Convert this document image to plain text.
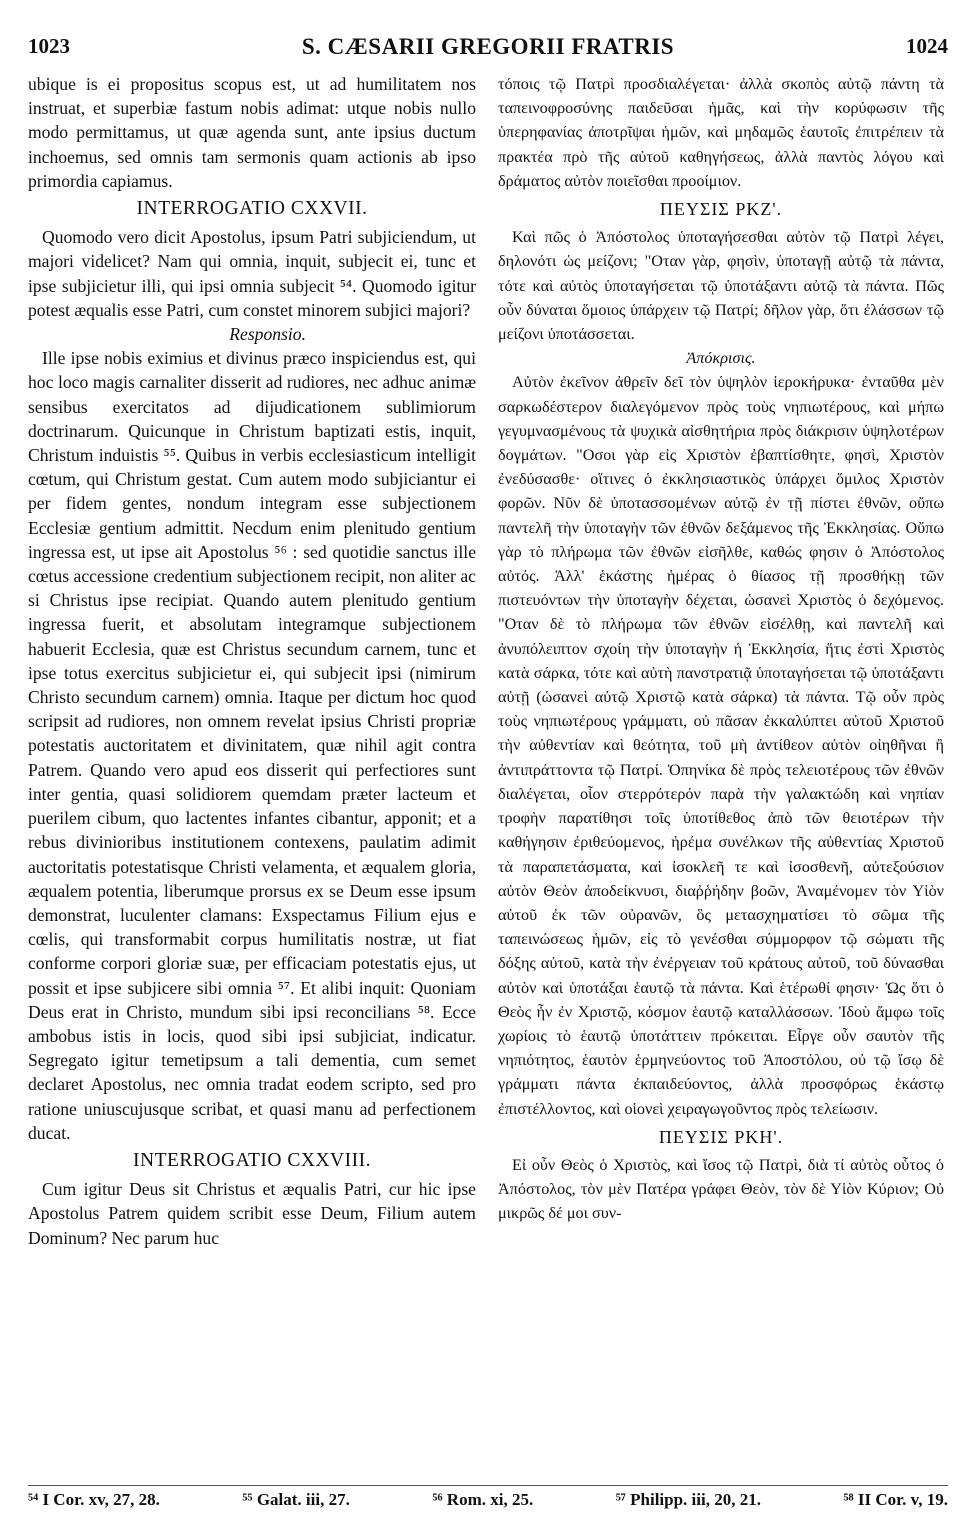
1023	S. CÆSARII GREGORII FRATRIS	1024

ubique is ei propositus scopus est, ut ad humilitatem nos instruat, et superbiæ fastum nobis adimat: utque nobis nullo modo permittamus, ut quæ agenda sunt, ante ipsius ductum inchoemus, sed omnis tam sermonis quam actionis ab ipso primordia capiamus.

INTERROGATIO CXXVII.

Quomodo vero dicit Apostolus, ipsum Patri subjiciendum, ut majori videlicet? Nam qui omnia, inquit, subjecit ei, tunc et ipse subjicietur illi, qui ipsi omnia subjecit ⁵⁴. Quomodo igitur potest æqualis esse Patri, cum constet minorem subjici majori?

Responsio.

Ille ipse nobis eximius et divinus præco inspiciendus est, qui hoc loco magis carnaliter disserit ad rudiores, nec adhuc animæ sensibus exercitatos ad dijudicationem sublimiorum doctrinarum. Quicunque in Christum baptizati estis, inquit, Christum induistis ⁵⁵. Quibus in verbis ecclesiasticum intelligit cœtum, qui Christum gestat. Cum autem modo subjiciantur ei per fidem gentes, nondum integram esse subjectionem Ecclesiæ gentium admittit. Necdum enim plenitudo gentium ingressa est, ut ipse ait Apostolus ⁵⁶ : sed quotidie sanctus ille cœtus accessione credentium subjectionem recipit, non aliter ac si Christus ipse recipiat. Quando autem plenitudo gentium ingressa fuerit, et absolutam integramque subjectionem habuerit Ecclesia, quæ est Christus secundum carnem, tunc et ipse totus exercitus subjicietur ei, qui subjecit ipsi (nimirum Christo secundum carnem) omnia. Itaque per dictum hoc quod scripsit ad rudiores, non omnem revelat ipsius Christi propriæ potestatis auctoritatem et divinitatem, quæ nihil agit contra Patrem. Quando vero apud eos disserit qui perfectiores sunt inter gentia, quasi solidiorem quemdam præter lacteum et puerilem cibum, quo lactentes infantes cibantur, apponit; et a rebus divinioribus institutionem contexens, paulatim adimit auctoritatis potestatisque Christi velamenta, et æqualem gloria, æqualem potentia, liberumque prorsus ex se Deum esse ipsum demonstrat, luculenter clamans: Exspectamus Filium ejus e cœlis, qui transformabit corpus humilitatis nostræ, ut fiat conforme corpori gloriæ suæ, per efficaciam potestatis ejus, ut possit et ipse subjicere sibi omnia ⁵⁷. Et alibi inquit: Quoniam Deus erat in Christo, mundum sibi ipsi reconcilians ⁵⁸. Ecce ambobus istis in locis, quod sibi ipsi subjiciat, indicatur. Segregato igitur temetipsum a tali dementia, cum semet declaret Apostolus, nec omnia tradat eodem scripto, sed pro ratione uniuscujusque scribat, et quasi manu ad perfectionem ducat.

INTERROGATIO CXXVIII.

Cum igitur Deus sit Christus et æqualis Patri, cur hic ipse Apostolus Patrem quidem scribit esse Deum, Filium autem Dominum? Nec parum huc

τόποις τῷ Πατρὶ προσδιαλέγεται· ἀλλὰ σκοπὸς αὐτῷ πάντη τὰ ταπεινοφροσύνης παιδεῦσαι ἡμᾶς, καὶ τὴν κορύφωσιν τῆς ὑπερηφανίας ἀποτρῖψαι ἡμῶν, καὶ μηδαμῶς ἑαυτοῖς ἐπιτρέπειν τὰ πρακτέα πρὸ τῆς αὐτοῦ καθηγήσεως, ἀλλὰ παντὸς λόγου καὶ δράματος αὐτὸν ποιεῖσθαι προοίμιον.

ΠΕΥΣΙΣ ΡΚΖ'.

Καὶ πῶς ὁ Ἀπόστολος ὑποταγήσεσθαι αὐτὸν τῷ Πατρὶ λέγει, δηλονότι ὡς μείζονι; "Οταν γὰρ, φησὶν, ὑποταγῇ αὐτῷ τὰ πάντα, τότε καὶ αὐτὸς ὑποταγήσεται τῷ ὑποτάξαντι αὐτῷ τὰ πάντα. Πῶς οὖν δύναται ὅμοιος ὑπάρχειν τῷ Πατρί; δῆλον γὰρ, ὅτι ἐλάσσων τῷ μείζονι ὑποτάσσεται.

Ἀπόκρισις.

Αὐτὸν ἐκεῖνον ἀθρεῖν δεῖ τὸν ὑψηλὸν ἱεροκήρυκα· ἐνταῦθα μὲν σαρκωδέστερον διαλεγόμενον πρὸς τοὺς νηπιωτέρους, καὶ μήπω γεγυμνασμένους τὰ ψυχικὰ αἰσθητήρια πρὸς διάκρισιν ὑψηλοτέρων δογμάτων. "Οσοι γὰρ εἰς Χριστὸν ἐβαπτίσθητε, φησὶ, Χριστὸν ἐνεδύσασθε· οἵτινες ὁ ἐκκλησιαστικὸς ὑπάρχει ὅμιλος Χριστὸν φορῶν. Νῦν δὲ ὑποτασσομένων αὐτῷ ἐν τῇ πίστει ἐθνῶν, οὔπω παντελῆ τὴν ὑποταγὴν τῶν ἐθνῶν δεξάμενος τῆς Ἐκκλησίας. Οὔπω γὰρ τὸ πλήρωμα τῶν ἐθνῶν εἰσῆλθε, καθώς φησιν ὁ Ἀπόστολος αὐτός. Ἀλλ' ἑκάστης ἡμέρας ὁ θίασος τῇ προσθήκῃ τῶν πιστευόντων τὴν ὑποταγὴν δέχεται, ὡσανεὶ Χριστὸς ὁ δεχόμενος. "Οταν δὲ τὸ πλήρωμα τῶν ἐθνῶν εἰσέλθῃ, καὶ παντελῆ καὶ ἀνυπόλειπτον σχοίη τὴν ὑποταγὴν ἡ Ἐκκλησία, ἥτις ἐστὶ Χριστὸς κατὰ σάρκα, τότε καὶ αὐτὴ πανστρατιᾷ ὑποταγήσεται τῷ ὑποτάξαντι αὐτῇ (ὡσανεὶ αὐτῷ Χριστῷ κατὰ σάρκα) τὰ πάντα. Τῷ οὖν πρὸς τοὺς νηπιωτέρους γράμματι, οὐ πᾶσαν ἐκκαλύπτει αὐτοῦ Χριστοῦ τὴν αὐθεντίαν καὶ θεότητα, τοῦ μὴ ἀντίθεον αὐτὸν οἰηθῆναι ἢ ἀντιπράττοντα τῷ Πατρί. Ὁπηνίκα δὲ πρὸς τελειοτέρους τῶν ἐθνῶν διαλέγεται, οἷον στερρότερόν παρὰ τὴν γαλακτώδη καὶ νηπίαν τροφὴν παρατίθησι τοῖς ὑποτίθεθος ἀπὸ τῶν θειοτέρων τὴν καθήγησιν ἐριθεύομενος, ἠρέμα συνέλκων τῆς αὐθεντίας Χριστοῦ τὰ παραπετάσματα, καὶ ἰσοκλεῆ τε καὶ ἰσοσθενῆ, αὐτεξούσιον αὐτὸν Θεὸν ἀποδείκνυσι, διαῤῥήδην βοῶν, Ἀναμένομεν τὸν Υἱὸν αὐτοῦ ἐκ τῶν οὐρανῶν, ὃς μετασχηματίσει τὸ σῶμα τῆς ταπεινώσεως ἡμῶν, εἰς τὸ γενέσθαι σύμμορφον τῷ σώματι τῆς δόξης αὐτοῦ, κατὰ τὴν ἐνέργειαν τοῦ κράτους αὐτοῦ, τοῦ δύνασθαι αὐτὸν καὶ ὑποτάξαι ἑαυτῷ τὰ πάντα. Καὶ ἑτέρωθί φησιν· Ὡς ὅτι ὁ Θεὸς ἦν ἐν Χριστῷ, κόσμον ἑαυτῷ καταλλάσσων. Ἰδοὺ ἄμφω τοῖς χωρίοις τὸ ἑαυτῷ ὑποτάττειν πρόκειται. Εἶργε οὖν σαυτὸν τῆς νηπιότητος, ἑαυτὸν ἑρμηνεύοντος τοῦ Ἀποστόλου, οὐ τῷ ἴσῳ δὲ γράμματι πάντα ἐκπαιδεύοντος, ἀλλὰ προσφόρως ἑκάστῳ ἐπιστέλλοντος, καὶ οἱονεὶ χειραγωγοῦντος πρὸς τελείωσιν.

ΠΕΥΣΙΣ ΡΚΗ'.

Εἰ οὖν Θεὸς ὁ Χριστὸς, καὶ ἴσος τῷ Πατρὶ, διὰ τί αὐτὸς οὗτος ὁ Ἀπόστολος, τὸν μὲν Πατέρα γράφει Θεὸν, τὸν δὲ Υἱὸν Κύριον; Οὐ μικρῶς δέ μοι συν-

⁵⁴ I Cor. xv, 27, 28.	⁵⁵ Galat. iii, 27.	⁵⁶ Rom. xi, 25.	⁵⁷ Philipp. iii, 20, 21.	⁵⁸ II Cor. v, 19.
